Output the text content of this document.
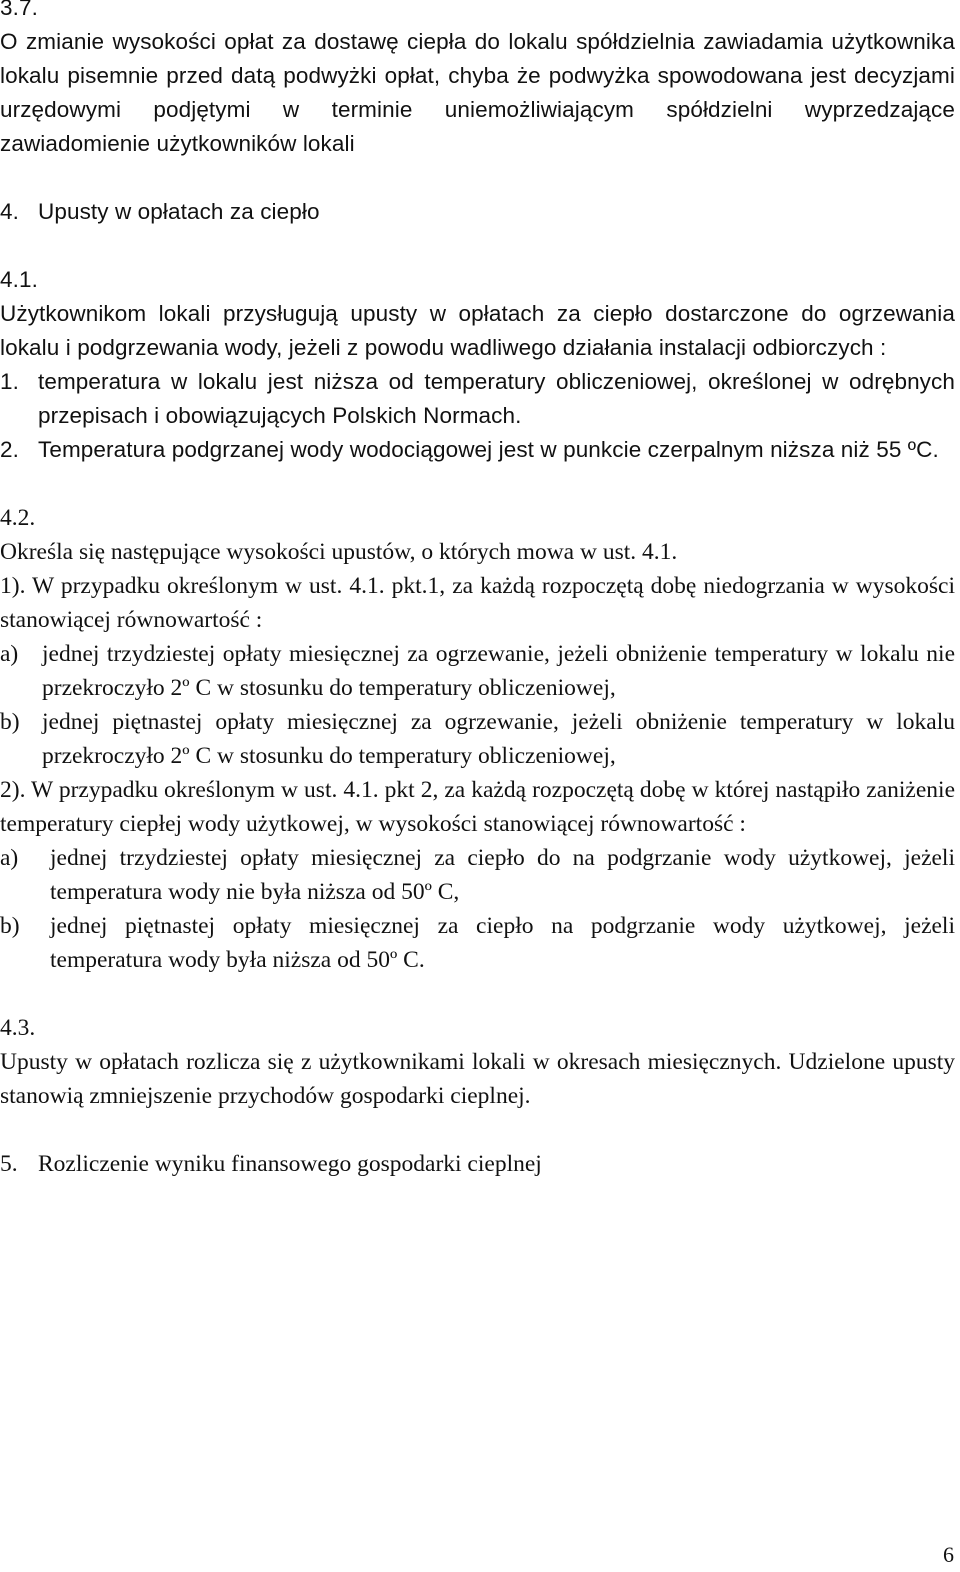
3.7.

O zmianie wysokości opłat za dostawę ciepła do lokalu spółdzielnia zawiadamia użytkownika lokalu pisemnie przed datą podwyżki opłat, chyba że podwyżka spowodowana jest decyzjami urzędowymi podjętymi w terminie uniemożliwiającym spółdzielni wyprzedzające zawiadomienie użytkowników lokali

4. Upusty w opłatach za ciepło
4.1.

Użytkownikom lokali przysługują upusty w opłatach za ciepło dostarczone do ogrzewania lokalu i podgrzewania wody, jeżeli z powodu wadliwego działania instalacji odbiorczych :

1. temperatura w lokalu jest niższa od temperatury obliczeniowej, określonej w odrębnych przepisach i obowiązujących Polskich Normach.
2. Temperatura podgrzanej wody wodociągowej jest w punkcie czerpalnym niższa niż 55 ºC.
4.2.

Określa się następujące wysokości upustów, o których mowa w ust. 4.1.

1). W przypadku określonym w ust. 4.1. pkt.1, za każdą rozpoczętą dobę niedogrzania w wysokości stanowiącej równowartość :

a)	jednej trzydziestej opłaty miesięcznej za ogrzewanie, jeżeli obniżenie temperatury w lokalu nie przekroczyło 2º C w stosunku do temperatury obliczeniowej,
b) jednej piętnastej opłaty miesięcznej za ogrzewanie, jeżeli obniżenie temperatury w lokalu przekroczyło 2º C w stosunku do temperatury obliczeniowej,

2). W przypadku określonym w ust. 4.1. pkt 2, za każdą rozpoczętą dobę w której nastąpiło zaniżenie temperatury ciepłej wody użytkowej, w wysokości stanowiącej równowartość :

a)	jednej trzydziestej opłaty miesięcznej za ciepło do na podgrzanie wody użytkowej, jeżeli temperatura wody nie była niższa od 50º C,
b)	jednej piętnastej opłaty miesięcznej za ciepło na podgrzanie wody użytkowej, jeżeli temperatura wody była niższa od 50º C.
4.3.

Upusty w opłatach rozlicza się z użytkownikami lokali w okresach miesięcznych. Udzielone upusty stanowią zmniejszenie przychodów gospodarki cieplnej.

5. Rozliczenie wyniku finansowego gospodarki cieplnej
6
